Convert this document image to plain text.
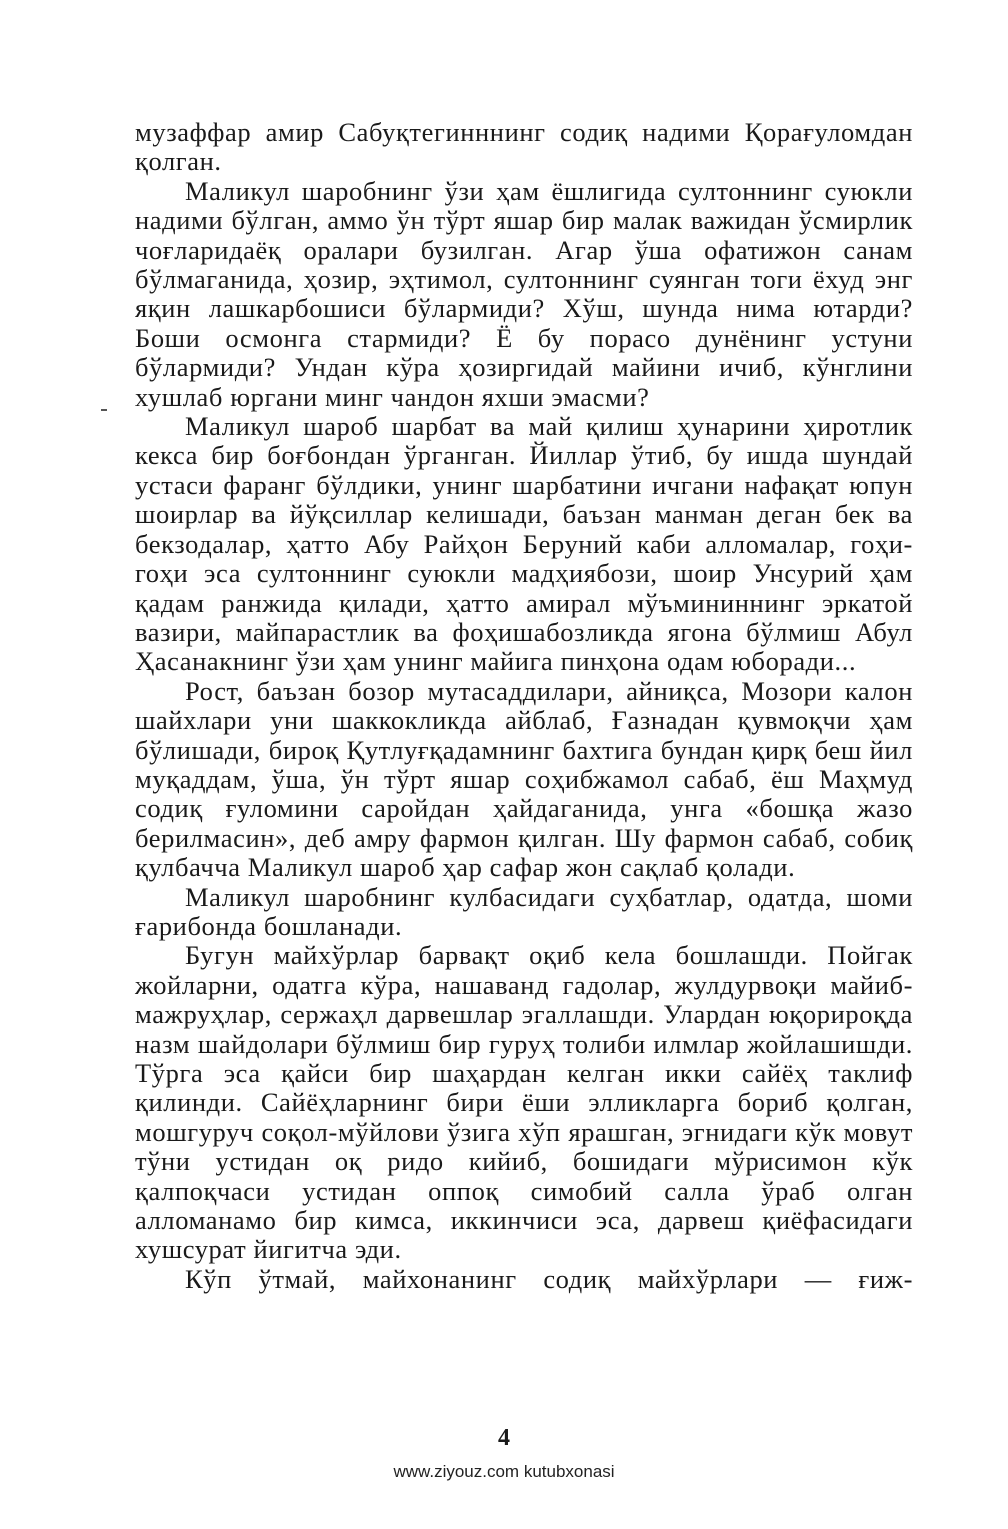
музаффар амир Сабуқтегинннинг содиқ надими Қорағуломдан қолган.

Маликул шаробнинг ўзи ҳам ёшлигида султоннинг суюкли надими бўлган, аммо ўн тўрт яшар бир малак важидан ўсмирлик чоғларидаёқ оралари бузилган. Агар ўша офатижон санам бўлмаганида, ҳозир, эҳтимол, султоннинг суянган тоги ёхуд энг яқин лашкарбошиси бўлармиди? Хўш, шунда нима ютарди? Боши осмонга стармиди? Ё бу порасо дунёнинг устуни бўлармиди? Ундан кўра ҳозиргидай майини ичиб, кўнглини хушлаб юргани минг чандон яхши эмасми?

Маликул шароб шарбат ва май қилиш ҳунарини ҳиротлик кекса бир боғбондан ўрганган. Йиллар ўтиб, бу ишда шундай устаси фаранг бўлдики, унинг шарбатини ичгани нафақат юпун шоирлар ва йўқсиллар келишади, баъзан манман деган бек ва бекзодалар, ҳатто Абу Райҳон Беруний каби алломалар, гоҳи-гоҳи эса султоннинг суюкли мадҳиябози, шоир Унсурий ҳам қадам ранжида қилади, ҳатто амирал мўъмининнинг эркатой вазири, майпарастлик ва фоҳишабозликда ягона бўлмиш Абул Ҳасанакнинг ўзи ҳам унинг майига пинҳона одам юборади...

Рост, баъзан бозор мутасаддилари, айниқса, Мозори калон шайхлари уни шаккокликда айблаб, Ғазнадан қувмоқчи ҳам бўлишади, бироқ Қутлуғқадамнинг бахтига бундан қирқ беш йил муқаддам, ўша, ўн тўрт яшар соҳибжамол сабаб, ёш Маҳмуд содиқ ғуломини саройдан ҳайдаганида, унга «бошқа жазо берилмасин», деб амру фармон қилган. Шу фармон сабаб, собиқ қулбачча Маликул шароб ҳар сафар жон сақлаб қолади.

Маликул шаробнинг кулбасидаги суҳбатлар, одатда, шоми ғарибонда бошланади.

Бугун майхўрлар барвақт оқиб кела бошлашди. Пойгак жойларни, одатга кўра, нашаванд гадолар, жулдурвоқи майиб-мажруҳлар, сержаҳл дарвешлар эгаллашди. Улардан юқорироқда назм шайдолари бўлмиш бир гуруҳ толиби илмлар жойлашишди. Тўрга эса қайси бир шаҳардан келган икки сайёҳ таклиф қилинди. Сайёҳларнинг бири ёши элликларга бориб қолган, мошгуруч соқол-мўйлови ўзига хўп ярашган, эгнидаги кўк мовут тўни устидан оқ ридо кийиб, бошидаги мўрисимон кўк қалпоқчаси устидан оппоқ симобий салла ўраб олган алломанамо бир кимса, иккинчиси эса, дарвеш қиёфасидаги хушсурат йигитча эди.

Кўп ўтмай, майхонанинг содиқ майхўрлари — ғиж-

4
www.ziyouz.com kutubxonasi
